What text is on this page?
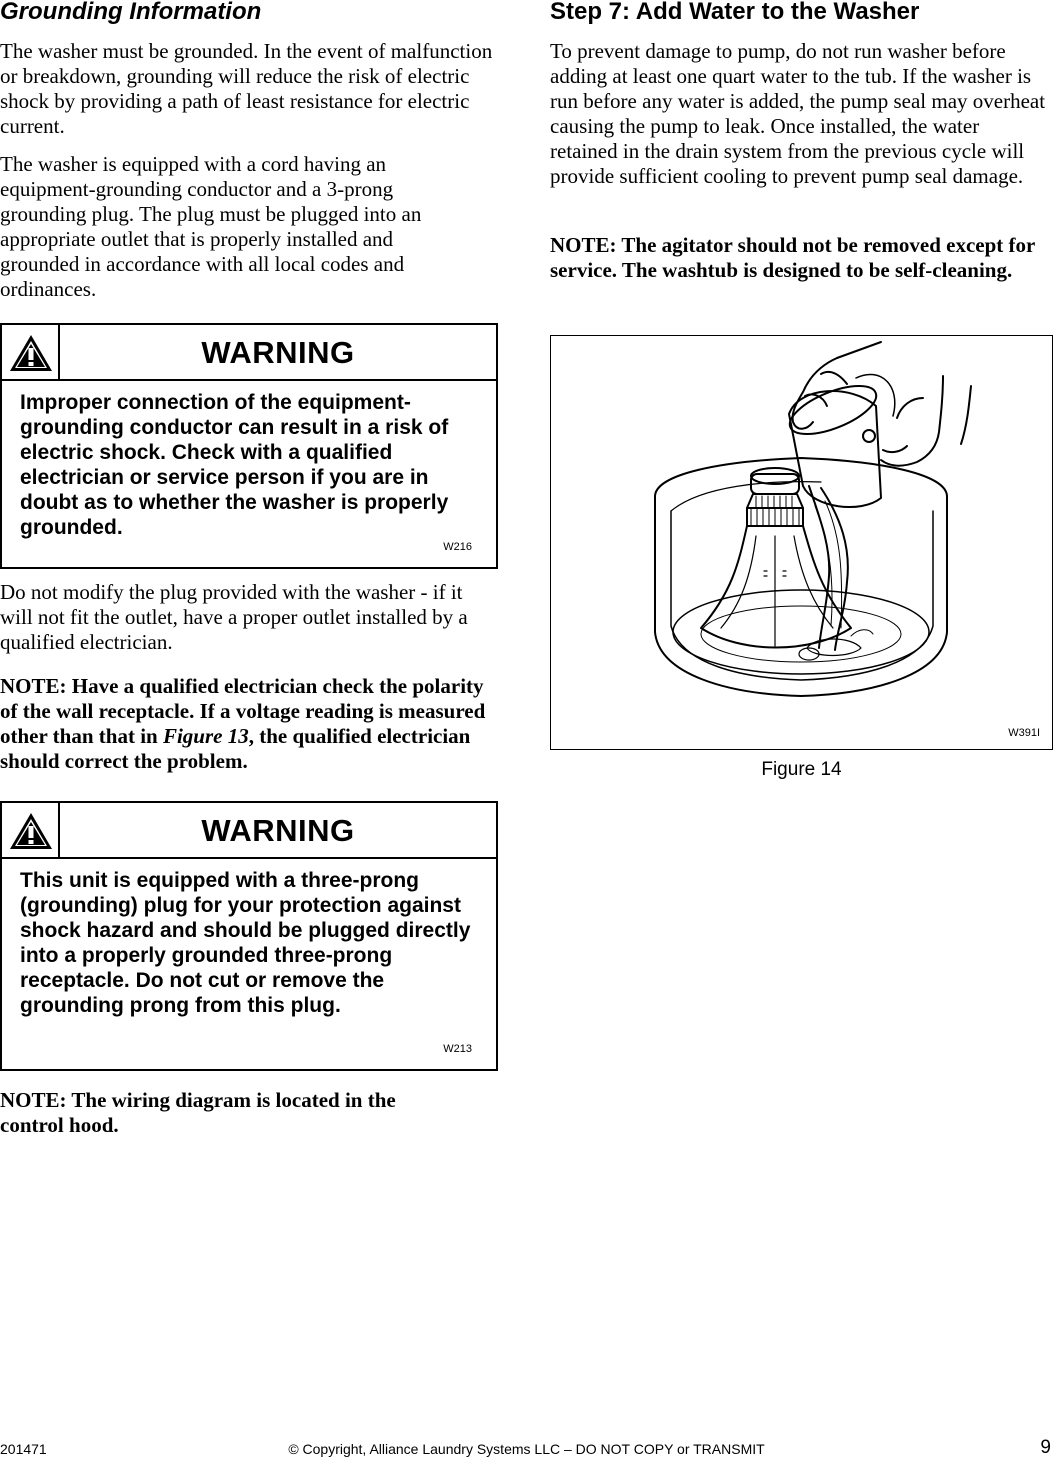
Grounding Information

The washer must be grounded. In the event of malfunction or breakdown, grounding will reduce the risk of electric shock by providing a path of least resistance for electric current.

The washer is equipped with a cord having an equipment-grounding conductor and a 3-prong grounding plug. The plug must be plugged into an appropriate outlet that is properly installed and grounded in accordance with all local codes and ordinances.

WARNING
Improper connection of the equipment-grounding conductor can result in a risk of electric shock. Check with a qualified electrician or service person if you are in doubt as to whether the washer is properly grounded.
W216

Do not modify the plug provided with the washer - if it will not fit the outlet, have a proper outlet installed by a qualified electrician.

NOTE: Have a qualified electrician check the polarity of the wall receptacle. If a voltage reading is measured other than that in Figure 13, the qualified electrician should correct the problem.

WARNING
This unit is equipped with a three-prong (grounding) plug for your protection against shock hazard and should be plugged directly into a properly grounded three-prong receptacle. Do not cut or remove the grounding prong from this plug.
W213

NOTE: The wiring diagram is located in the control hood.

Step 7: Add Water to the Washer

To prevent damage to pump, do not run washer before adding at least one quart water to the tub. If the washer is run before any water is added, the pump seal may overheat causing the pump to leak. Once installed, the water retained in the drain system from the previous cycle will provide sufficient cooling to prevent pump seal damage.

NOTE: The agitator should not be removed except for service. The washtub is designed to be self-cleaning.

W391I
Figure 14
201471	© Copyright, Alliance Laundry Systems LLC – DO NOT COPY or TRANSMIT	9
